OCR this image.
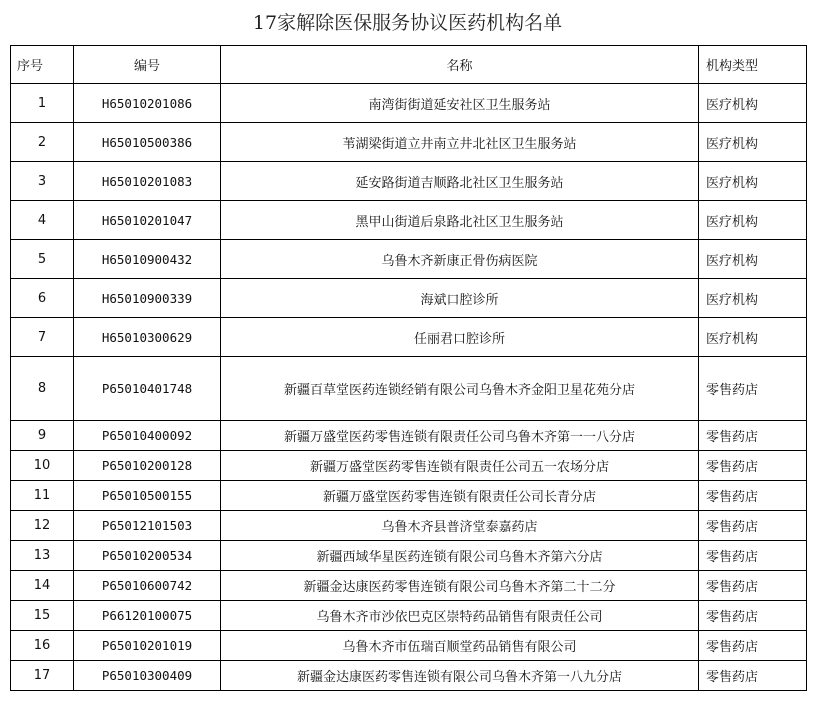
17家解除医保服务协议医药机构名单
序号	编号	名称	机构类型
1	H65010201086	南湾街街道延安社区卫生服务站	医疗机构
2	H65010500386	苇湖梁街道立井南立井北社区卫生服务站	医疗机构
3	H65010201083	延安路街道吉顺路北社区卫生服务站	医疗机构
4	H65010201047	黑甲山街道后泉路北社区卫生服务站	医疗机构
5	H65010900432	乌鲁木齐新康正骨伤病医院	医疗机构
6	H65010900339	海斌口腔诊所	医疗机构
7	H65010300629	任丽君口腔诊所	医疗机构
8	P65010401748	新疆百草堂医药连锁经销有限公司乌鲁木齐金阳卫星花苑分店	零售药店
9	P65010400092	新疆万盛堂医药零售连锁有限责任公司乌鲁木齐第一一八分店	零售药店
10	P65010200128	新疆万盛堂医药零售连锁有限责任公司五一农场分店	零售药店
11	P65010500155	新疆万盛堂医药零售连锁有限责任公司长青分店	零售药店
12	P65012101503	乌鲁木齐县普济堂泰嘉药店	零售药店
13	P65010200534	新疆西域华星医药连锁有限公司乌鲁木齐第六分店	零售药店
14	P65010600742	新疆金达康医药零售连锁有限公司乌鲁木齐第二十二分	零售药店
15	P66120100075	乌鲁木齐市沙依巴克区崇特药品销售有限责任公司	零售药店
16	P65010201019	乌鲁木齐市伍瑞百顺堂药品销售有限公司	零售药店
17	P65010300409	新疆金达康医药零售连锁有限公司乌鲁木齐第一八九分店	零售药店
